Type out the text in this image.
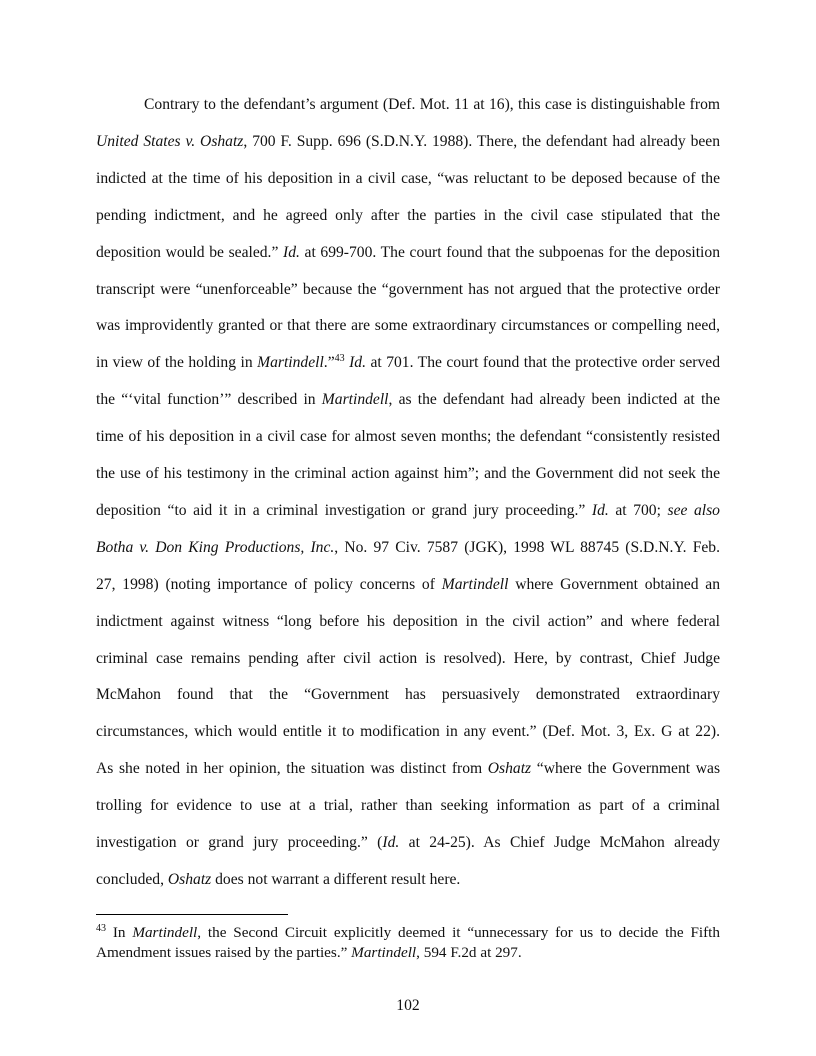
Contrary to the defendant’s argument (Def. Mot. 11 at 16), this case is distinguishable from
United States v. Oshatz, 700 F. Supp. 696 (S.D.N.Y. 1988). There, the defendant had already been
indicted at the time of his deposition in a civil case, “was reluctant to be deposed because of the
pending indictment, and he agreed only after the parties in the civil case stipulated that the
deposition would be sealed.” Id. at 699-700. The court found that the subpoenas for the deposition
transcript were “unenforceable” because the “government has not argued that the protective order
was improvidently granted or that there are some extraordinary circumstances or compelling need,
in view of the holding in Martindell.”$^{43}$ Id. at 701. The court found that the protective order served
the “‘vital function’” described in Martindell, as the defendant had already been indicted at the
time of his deposition in a civil case for almost seven months; the defendant “consistently resisted
the use of his testimony in the criminal action against him”; and the Government did not seek the
deposition “to aid it in a criminal investigation or grand jury proceeding.” Id. at 700; see also
Botha v. Don King Productions, Inc., No. 97 Civ. 7587 (JGK), 1998 WL 88745 (S.D.N.Y. Feb.
27, 1998) (noting importance of policy concerns of Martindell where Government obtained an
indictment against witness “long before his deposition in the civil action” and where federal
criminal case remains pending after civil action is resolved). Here, by contrast, Chief Judge
McMahon found that the “Government has persuasively demonstrated extraordinary
circumstances, which would entitle it to modification in any event.” (Def. Mot. 3, Ex. G at 22).
As she noted in her opinion, the situation was distinct from Oshatz “where the Government was
trolling for evidence to use at a trial, rather than seeking information as part of a criminal
investigation or grand jury proceeding.” (Id. at 24-25). As Chief Judge McMahon already
concluded, Oshatz does not warrant a different result here.
$^{43}$ In Martindell, the Second Circuit explicitly deemed it “unnecessary for us to decide the Fifth
Amendment issues raised by the parties.” Martindell, 594 F.2d at 297.
102
